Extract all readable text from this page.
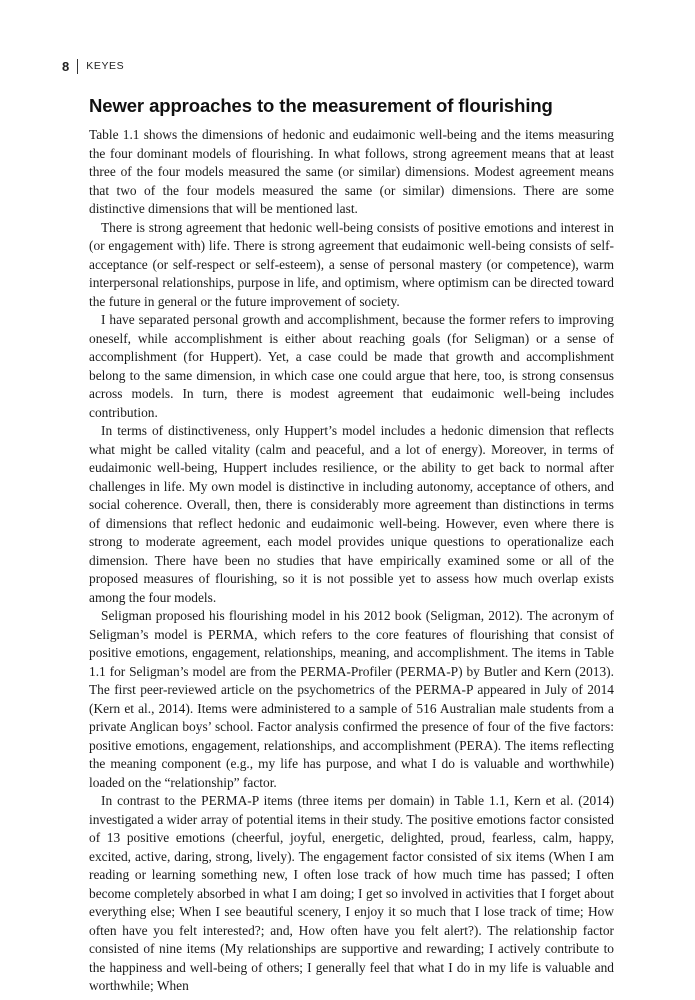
8 KEYES
Newer approaches to the measurement of flourishing

Table 1.1 shows the dimensions of hedonic and eudaimonic well-being and the items measuring the four dominant models of flourishing. In what follows, strong agreement means that at least three of the four models measured the same (or similar) dimensions. Modest agreement means that two of the four models measured the same (or similar) dimensions. There are some distinctive dimensions that will be mentioned last.

There is strong agreement that hedonic well-being consists of positive emotions and interest in (or engagement with) life. There is strong agreement that eudaimonic well-being consists of self-acceptance (or self-respect or self-esteem), a sense of personal mastery (or competence), warm interpersonal relationships, purpose in life, and optimism, where optimism can be directed toward the future in general or the future improvement of society.

I have separated personal growth and accomplishment, because the former refers to improving oneself, while accomplishment is either about reaching goals (for Seligman) or a sense of accomplishment (for Huppert). Yet, a case could be made that growth and accomplishment belong to the same dimension, in which case one could argue that here, too, is strong consensus across models. In turn, there is modest agreement that eudaimonic well-being includes contribution.

In terms of distinctiveness, only Huppert’s model includes a hedonic dimension that reflects what might be called vitality (calm and peaceful, and a lot of energy). Moreover, in terms of eudaimonic well-being, Huppert includes resilience, or the ability to get back to normal after challenges in life. My own model is distinctive in including autonomy, acceptance of others, and social coherence. Overall, then, there is considerably more agreement than distinctions in terms of dimensions that reflect hedonic and eudaimonic well-being. However, even where there is strong to moderate agreement, each model provides unique questions to operationalize each dimension. There have been no studies that have empirically examined some or all of the proposed measures of flourishing, so it is not possible yet to assess how much overlap exists among the four models.

Seligman proposed his flourishing model in his 2012 book (Seligman, 2012). The acronym of Seligman’s model is PERMA, which refers to the core features of flourishing that consist of positive emotions, engagement, relationships, meaning, and accomplishment. The items in Table 1.1 for Seligman’s model are from the PERMA-Profiler (PERMA-P) by Butler and Kern (2013). The first peer-reviewed article on the psychometrics of the PERMA-P appeared in July of 2014 (Kern et al., 2014). Items were administered to a sample of 516 Australian male students from a private Anglican boys’ school. Factor analysis confirmed the presence of four of the five factors: positive emotions, engagement, relationships, and accomplishment (PERA). The items reflecting the meaning component (e.g., my life has purpose, and what I do is valuable and worthwhile) loaded on the “relationship” factor.

In contrast to the PERMA-P items (three items per domain) in Table 1.1, Kern et al. (2014) investigated a wider array of potential items in their study. The positive emotions factor consisted of 13 positive emotions (cheerful, joyful, energetic, delighted, proud, fearless, calm, happy, excited, active, daring, strong, lively). The engagement factor consisted of six items (When I am reading or learning something new, I often lose track of how much time has passed; I often become completely absorbed in what I am doing; I get so involved in activities that I forget about everything else; When I see beautiful scenery, I enjoy it so much that I lose track of time; How often have you felt interested?; and, How often have you felt alert?). The relationship factor consisted of nine items (My relationships are supportive and rewarding; I actively contribute to the happiness and well-being of others; I generally feel that what I do in my life is valuable and worthwhile; When
